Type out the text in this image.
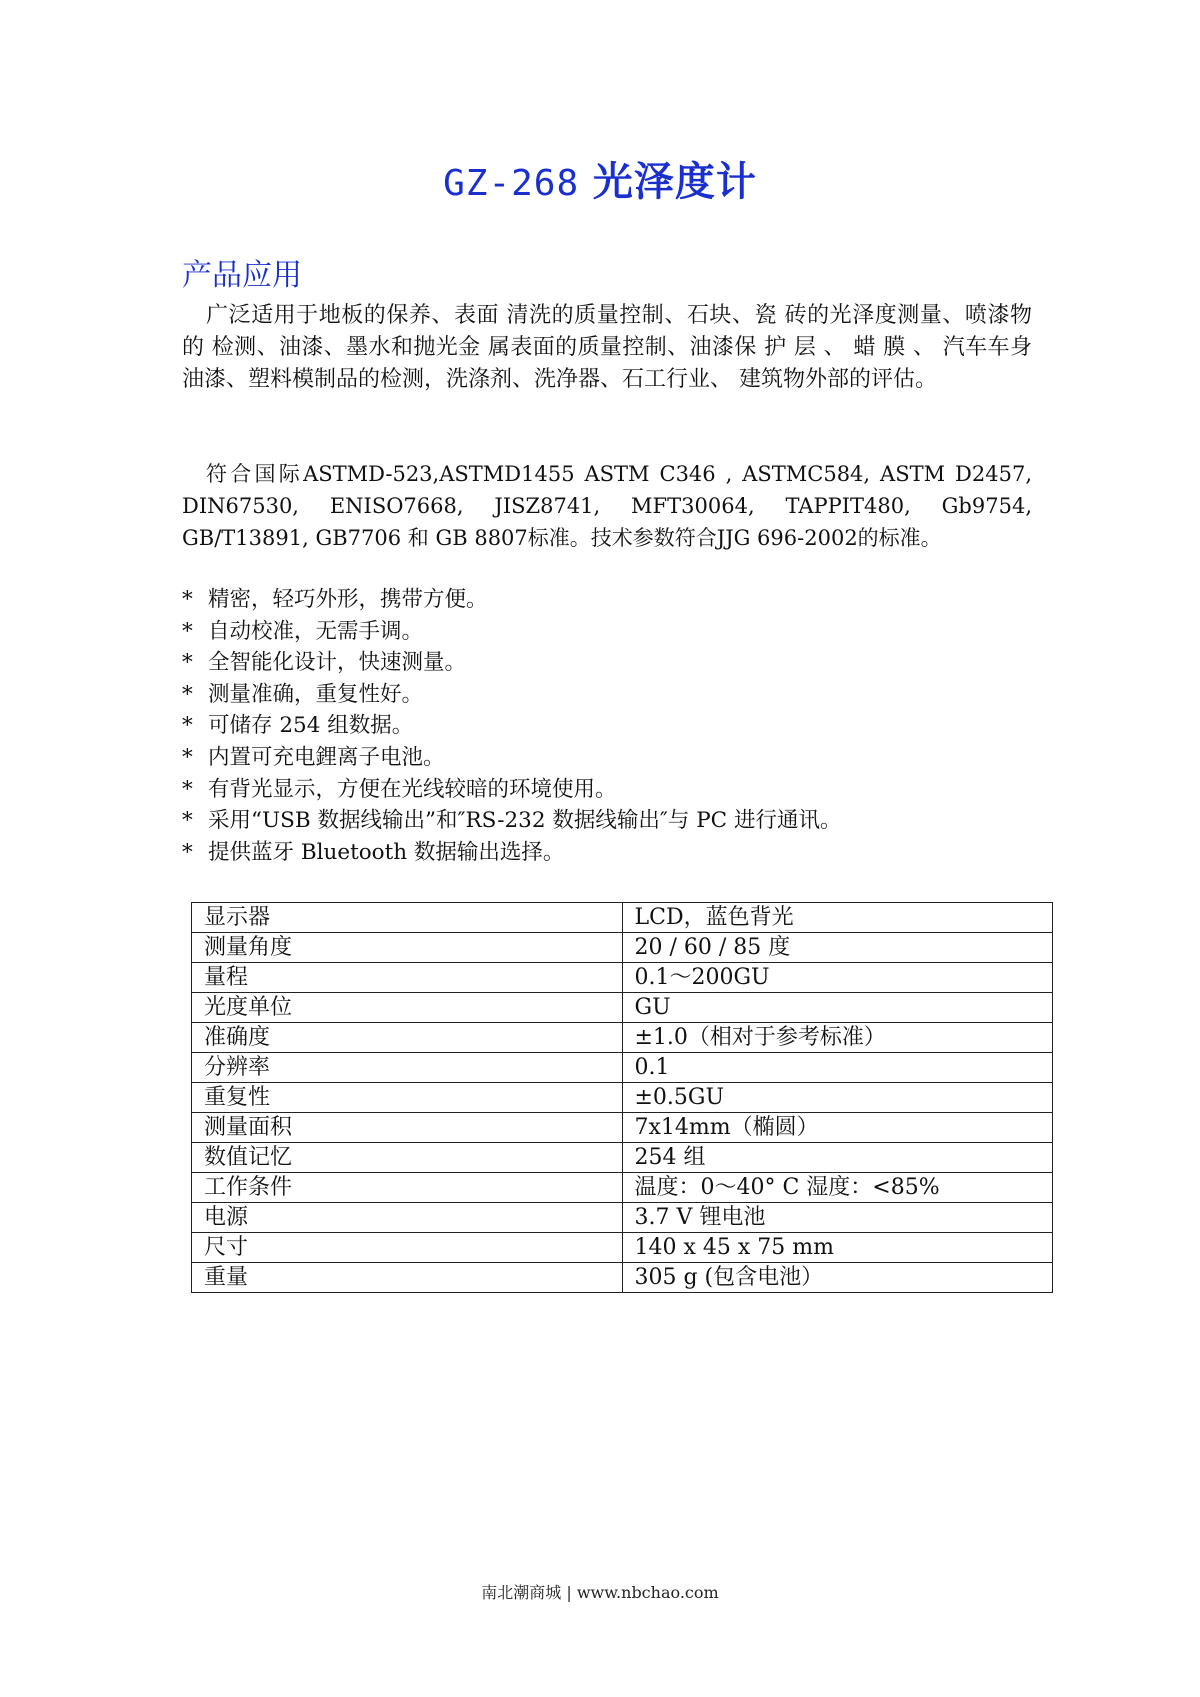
GZ-268 光泽度计
产品应用
广泛适用于地板的保养、表面 清洗的质量控制、石块、瓷 砖的光泽度测量、喷漆物的 检测、油漆、墨水和抛光金 属表面的质量控制、油漆保 护 层 、 蜡 膜 、 汽车车身油漆、塑料模制品的检测，洗涤剂、洗净器、石工行业、 建筑物外部的评估。
符合国际ASTMD-523,ASTMD1455 ASTM C346 , ASTMC584, ASTM D2457, DIN67530, ENISO7668, JISZ8741, MFT30064, TAPPIT480, Gb9754, GB/T13891, GB7706 和 GB 8807标准。技术参数符合JJG 696-2002的标准。
* 精密，轻巧外形，携带方便。
* 自动校准，无需手调。
* 全智能化设计，快速测量。
* 测量准确，重复性好。
* 可储存 254 组数据。
* 内置可充电鋰离子电池。
* 有背光显示，方便在光线较暗的环境使用。
* 采用“USB 数据线输出”和″RS-232 数据线输出″与 PC 进行通讯。
* 提供蓝牙 Bluetooth 数据输出选择。
显示器	LCD，蓝色背光
测量角度	20 / 60 / 85 度
量程	0.1～200GU
光度单位	GU
准确度	±1.0（相对于参考标准）
分辨率	0.1
重复性	±0.5GU
测量面积	7x14mm（椭圆）
数值记忆	254 组
工作条件	温度：0～40° C 湿度：<85%
电源	3.7 V 锂电池
尺寸	140 x 45 x 75 mm
重量	305 g (包含电池）
南北潮商城 | www.nbchao.com
